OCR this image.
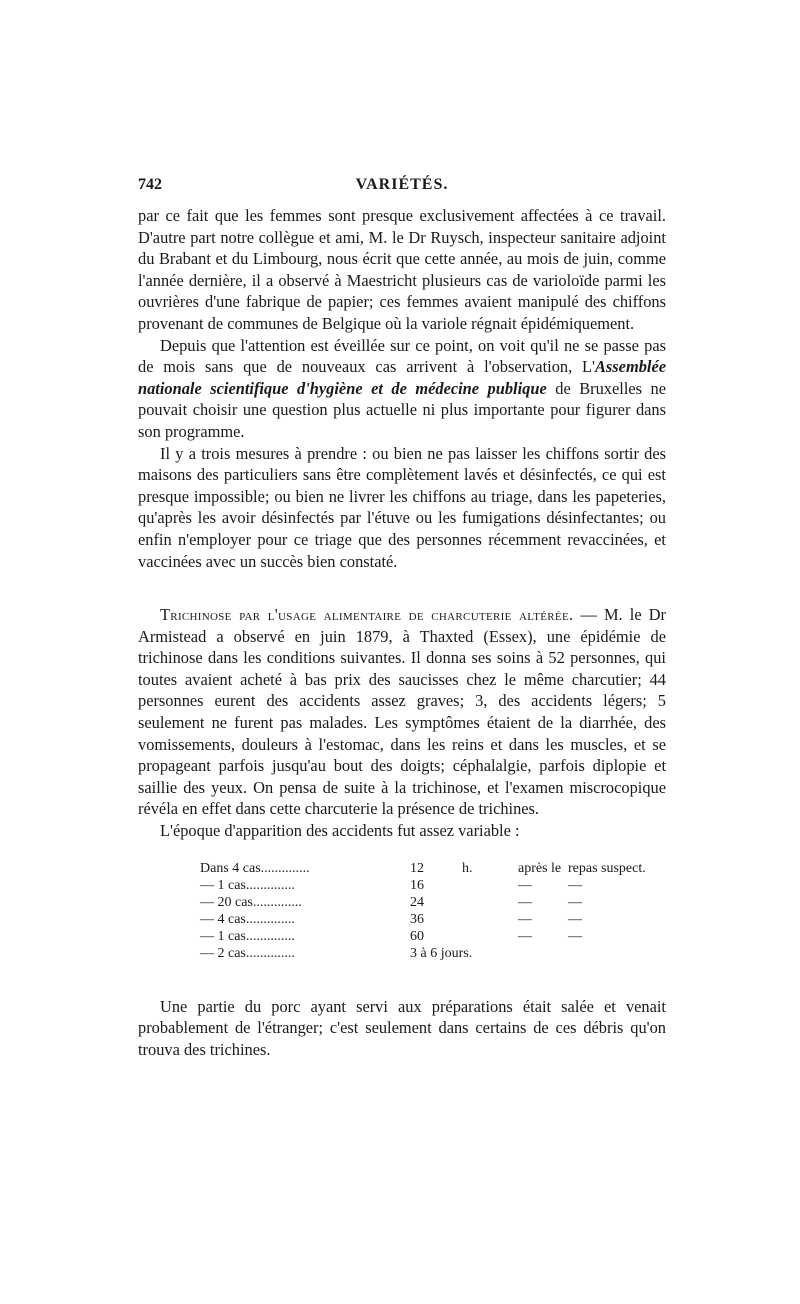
742	VARIÉTÉS.

par ce fait que les femmes sont presque exclusivement affectées à ce travail. D'autre part notre collègue et ami, M. le Dr Ruysch, inspecteur sanitaire adjoint du Brabant et du Limbourg, nous écrit que cette année, au mois de juin, comme l'année dernière, il a observé à Maestricht plusieurs cas de varioloïde parmi les ouvrières d'une fabrique de papier; ces femmes avaient manipulé des chiffons provenant de communes de Belgique où la variole régnait épidémiquement.

Depuis que l'attention est éveillée sur ce point, on voit qu'il ne se passe pas de mois sans que de nouveaux cas arrivent à l'observation, L'Assemblée nationale scientifique d'hygiène et de médecine publique de Bruxelles ne pouvait choisir une question plus actuelle ni plus importante pour figurer dans son programme.

Il y a trois mesures à prendre : ou bien ne pas laisser les chiffons sortir des maisons des particuliers sans être complètement lavés et désinfectés, ce qui est presque impossible; ou bien ne livrer les chiffons au triage, dans les papeteries, qu'après les avoir désinfectés par l'étuve ou les fumigations désinfectantes; ou enfin n'employer pour ce triage que des personnes récemment revaccinées, et vaccinées avec un succès bien constaté.

Trichinose par l'usage alimentaire de charcuterie altérée. — M. le Dr Armistead a observé en juin 1879, à Thaxted (Essex), une épidémie de trichinose dans les conditions suivantes. Il donna ses soins à 52 personnes, qui toutes avaient acheté à bas prix des saucisses chez le même charcutier; 44 personnes eurent des accidents assez graves; 3, des accidents légers; 5 seulement ne furent pas malades. Les symptômes étaient de la diarrhée, des vomissements, douleurs à l'estomac, dans les reins et dans les muscles, et se propageant parfois jusqu'au bout des doigts; céphalalgie, parfois diplopie et saillie des yeux. On pensa de suite à la trichinose, et l'examen miscrocopique révéla en effet dans cette charcuterie la présence de trichines.

L'époque d'apparition des accidents fut assez variable :

Dans 4 cas..............	12	h.	après le repas suspect.
— 1 cas..............	16	—	—
— 20 cas..............	24	—	—
— 4 cas..............	36	—	—
— 1 cas..............	60	—	—
— 2 cas..............	3 à 6 jours.

Une partie du porc ayant servi aux préparations était salée et venait probablement de l'étranger; c'est seulement dans certains de ces débris qu'on trouva des trichines.
